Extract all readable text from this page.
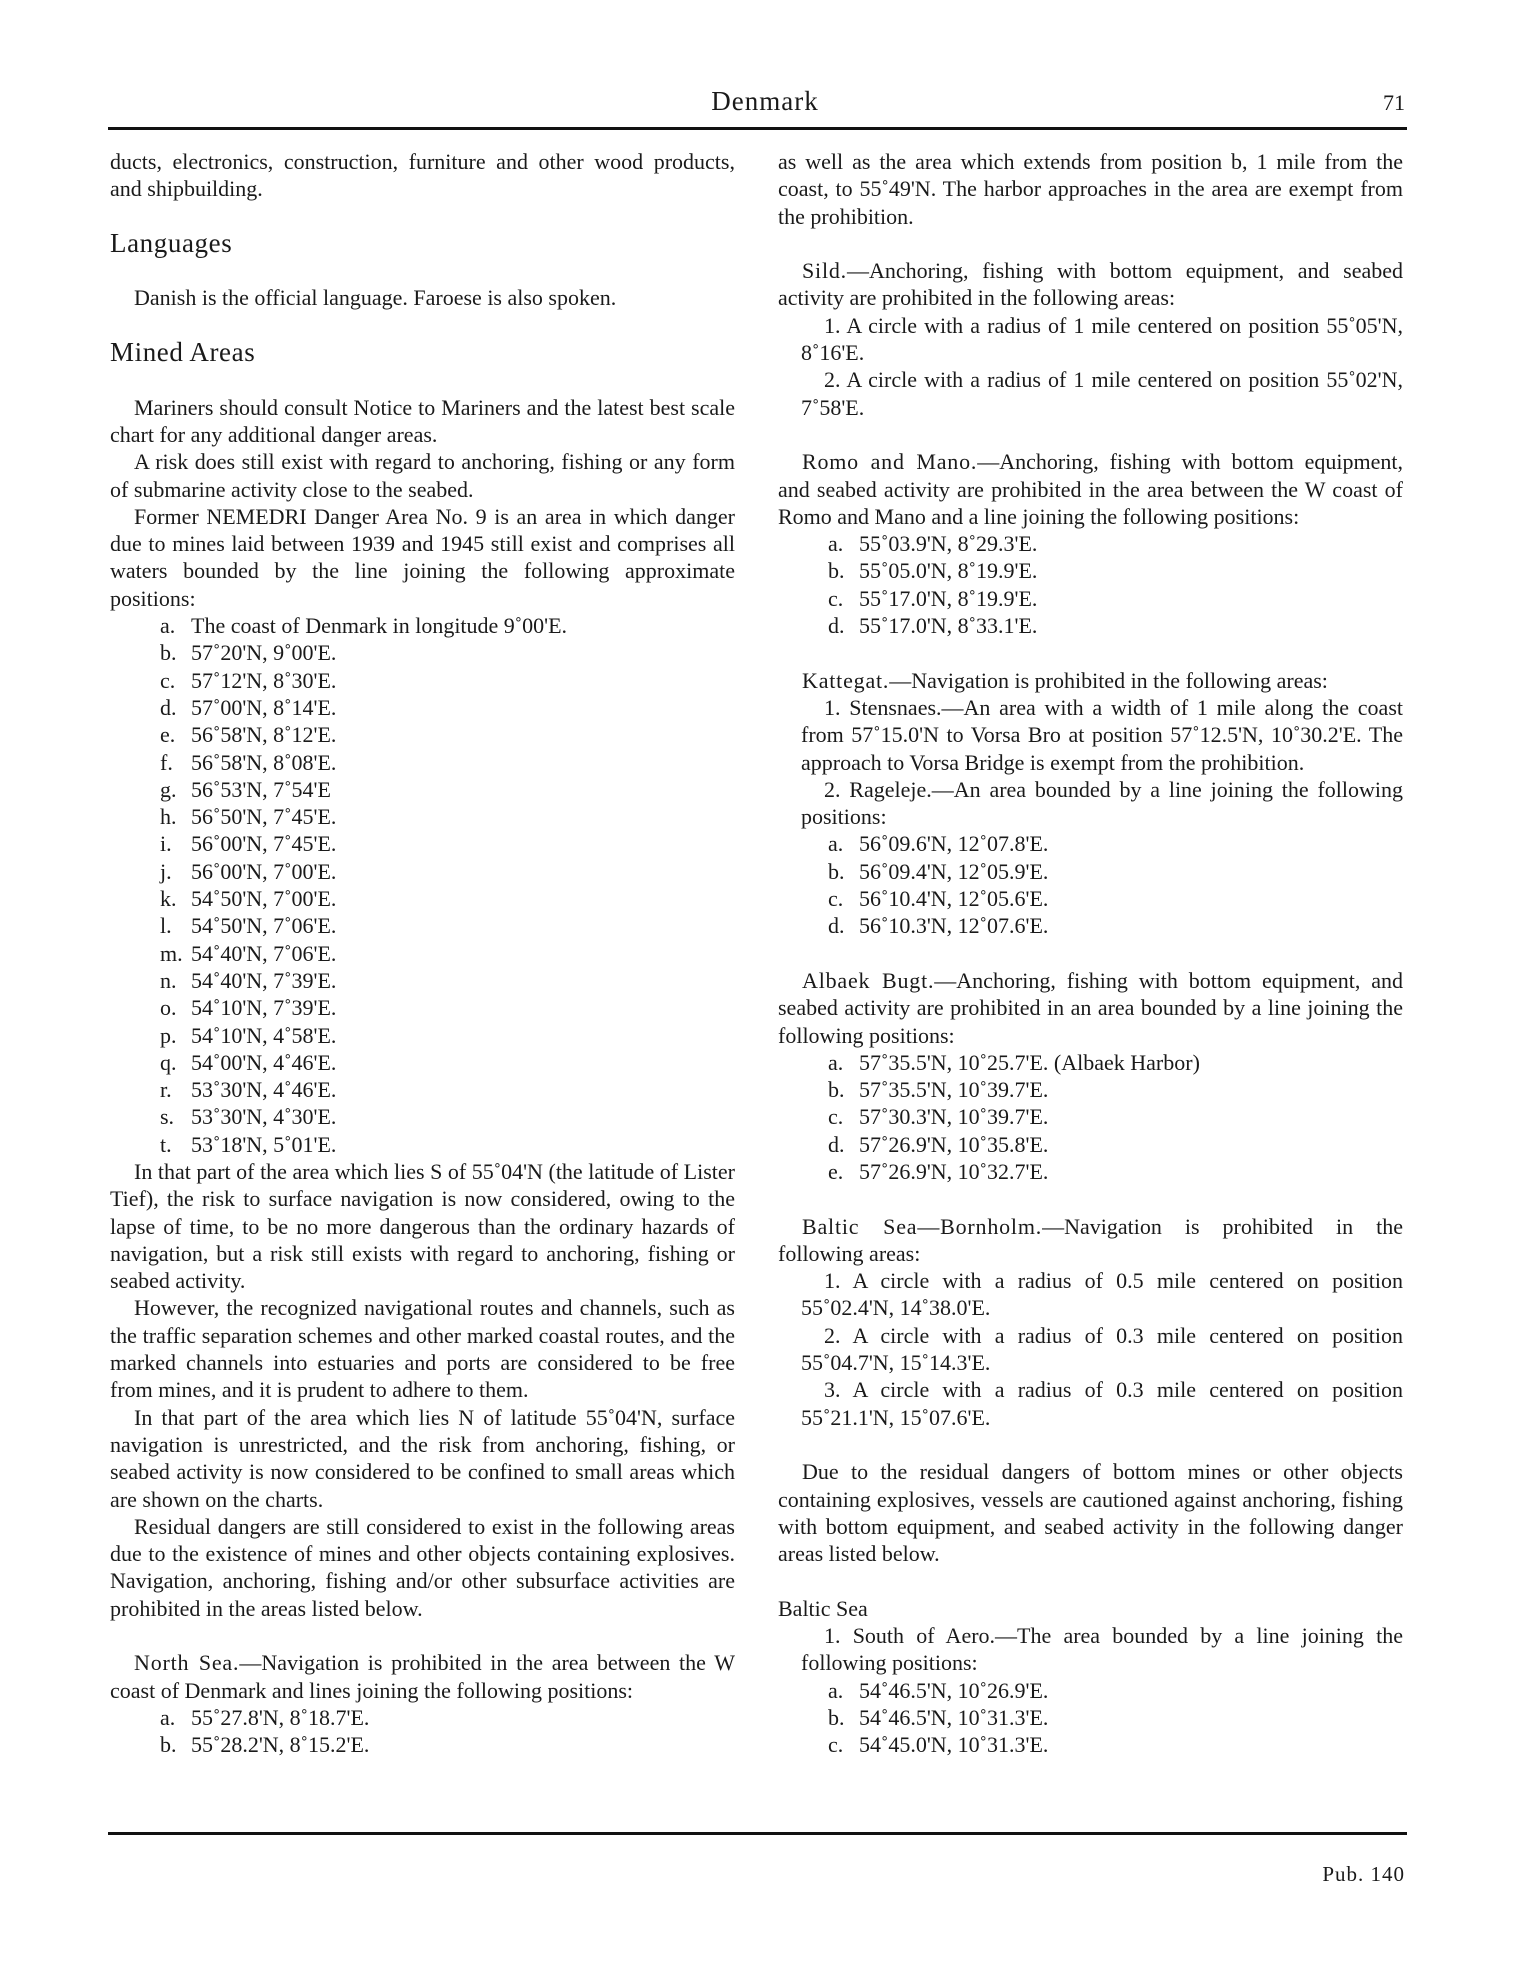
Denmark	71
ducts, electronics, construction, furniture and other wood products, and shipbuilding.
Languages
Danish is the official language. Faroese is also spoken.
Mined Areas
Mariners should consult Notice to Mariners and the latest best scale chart for any additional danger areas.
A risk does still exist with regard to anchoring, fishing or any form of submarine activity close to the seabed.
Former NEMEDRI Danger Area No. 9 is an area in which danger due to mines laid between 1939 and 1945 still exist and comprises all waters bounded by the line joining the following approximate positions:
a. The coast of Denmark in longitude 9˚00'E.
b. 57˚20'N, 9˚00'E.
c. 57˚12'N, 8˚30'E.
d. 57˚00'N, 8˚14'E.
e. 56˚58'N, 8˚12'E.
f. 56˚58'N, 8˚08'E.
g. 56˚53'N, 7˚54'E
h. 56˚50'N, 7˚45'E.
i. 56˚00'N, 7˚45'E.
j. 56˚00'N, 7˚00'E.
k. 54˚50'N, 7˚00'E.
l. 54˚50'N, 7˚06'E.
m. 54˚40'N, 7˚06'E.
n. 54˚40'N, 7˚39'E.
o. 54˚10'N, 7˚39'E.
p. 54˚10'N, 4˚58'E.
q. 54˚00'N, 4˚46'E.
r. 53˚30'N, 4˚46'E.
s. 53˚30'N, 4˚30'E.
t. 53˚18'N, 5˚01'E.
In that part of the area which lies S of 55˚04'N (the latitude of Lister Tief), the risk to surface navigation is now considered, owing to the lapse of time, to be no more dangerous than the ordinary hazards of navigation, but a risk still exists with regard to anchoring, fishing or seabed activity.
However, the recognized navigational routes and channels, such as the traffic separation schemes and other marked coastal routes, and the marked channels into estuaries and ports are considered to be free from mines, and it is prudent to adhere to them.
In that part of the area which lies N of latitude 55˚04'N, surface navigation is unrestricted, and the risk from anchoring, fishing, or seabed activity is now considered to be confined to small areas which are shown on the charts.
Residual dangers are still considered to exist in the following areas due to the existence of mines and other objects containing explosives. Navigation, anchoring, fishing and/or other subsurface activities are prohibited in the areas listed below.
North Sea.—Navigation is prohibited in the area between the W coast of Denmark and lines joining the following positions:
a. 55˚27.8'N, 8˚18.7'E.
b. 55˚28.2'N, 8˚15.2'E.
as well as the area which extends from position b, 1 mile from the coast, to 55˚49'N. The harbor approaches in the area are exempt from the prohibition.
Sild.—Anchoring, fishing with bottom equipment, and seabed activity are prohibited in the following areas:
1. A circle with a radius of 1 mile centered on position 55˚05'N, 8˚16'E.
2. A circle with a radius of 1 mile centered on position 55˚02'N, 7˚58'E.
Romo and Mano.—Anchoring, fishing with bottom equipment, and seabed activity are prohibited in the area between the W coast of Romo and Mano and a line joining the following positions:
a. 55˚03.9'N, 8˚29.3'E.
b. 55˚05.0'N, 8˚19.9'E.
c. 55˚17.0'N, 8˚19.9'E.
d. 55˚17.0'N, 8˚33.1'E.
Kattegat.—Navigation is prohibited in the following areas:
1. Stensnaes.—An area with a width of 1 mile along the coast from 57˚15.0'N to Vorsa Bro at position 57˚12.5'N, 10˚30.2'E. The approach to Vorsa Bridge is exempt from the prohibition.
2. Rageleje.—An area bounded by a line joining the following positions:
a. 56˚09.6'N, 12˚07.8'E.
b. 56˚09.4'N, 12˚05.9'E.
c. 56˚10.4'N, 12˚05.6'E.
d. 56˚10.3'N, 12˚07.6'E.
Albaek Bugt.—Anchoring, fishing with bottom equipment, and seabed activity are prohibited in an area bounded by a line joining the following positions:
a. 57˚35.5'N, 10˚25.7'E. (Albaek Harbor)
b. 57˚35.5'N, 10˚39.7'E.
c. 57˚30.3'N, 10˚39.7'E.
d. 57˚26.9'N, 10˚35.8'E.
e. 57˚26.9'N, 10˚32.7'E.
Baltic Sea—Bornholm.—Navigation is prohibited in the following areas:
1. A circle with a radius of 0.5 mile centered on position 55˚02.4'N, 14˚38.0'E.
2. A circle with a radius of 0.3 mile centered on position 55˚04.7'N, 15˚14.3'E.
3. A circle with a radius of 0.3 mile centered on position 55˚21.1'N, 15˚07.6'E.
Due to the residual dangers of bottom mines or other objects containing explosives, vessels are cautioned against anchoring, fishing with bottom equipment, and seabed activity in the following danger areas listed below.
Baltic Sea
1. South of Aero.—The area bounded by a line joining the following positions:
a. 54˚46.5'N, 10˚26.9'E.
b. 54˚46.5'N, 10˚31.3'E.
c. 54˚45.0'N, 10˚31.3'E.
Pub. 140
